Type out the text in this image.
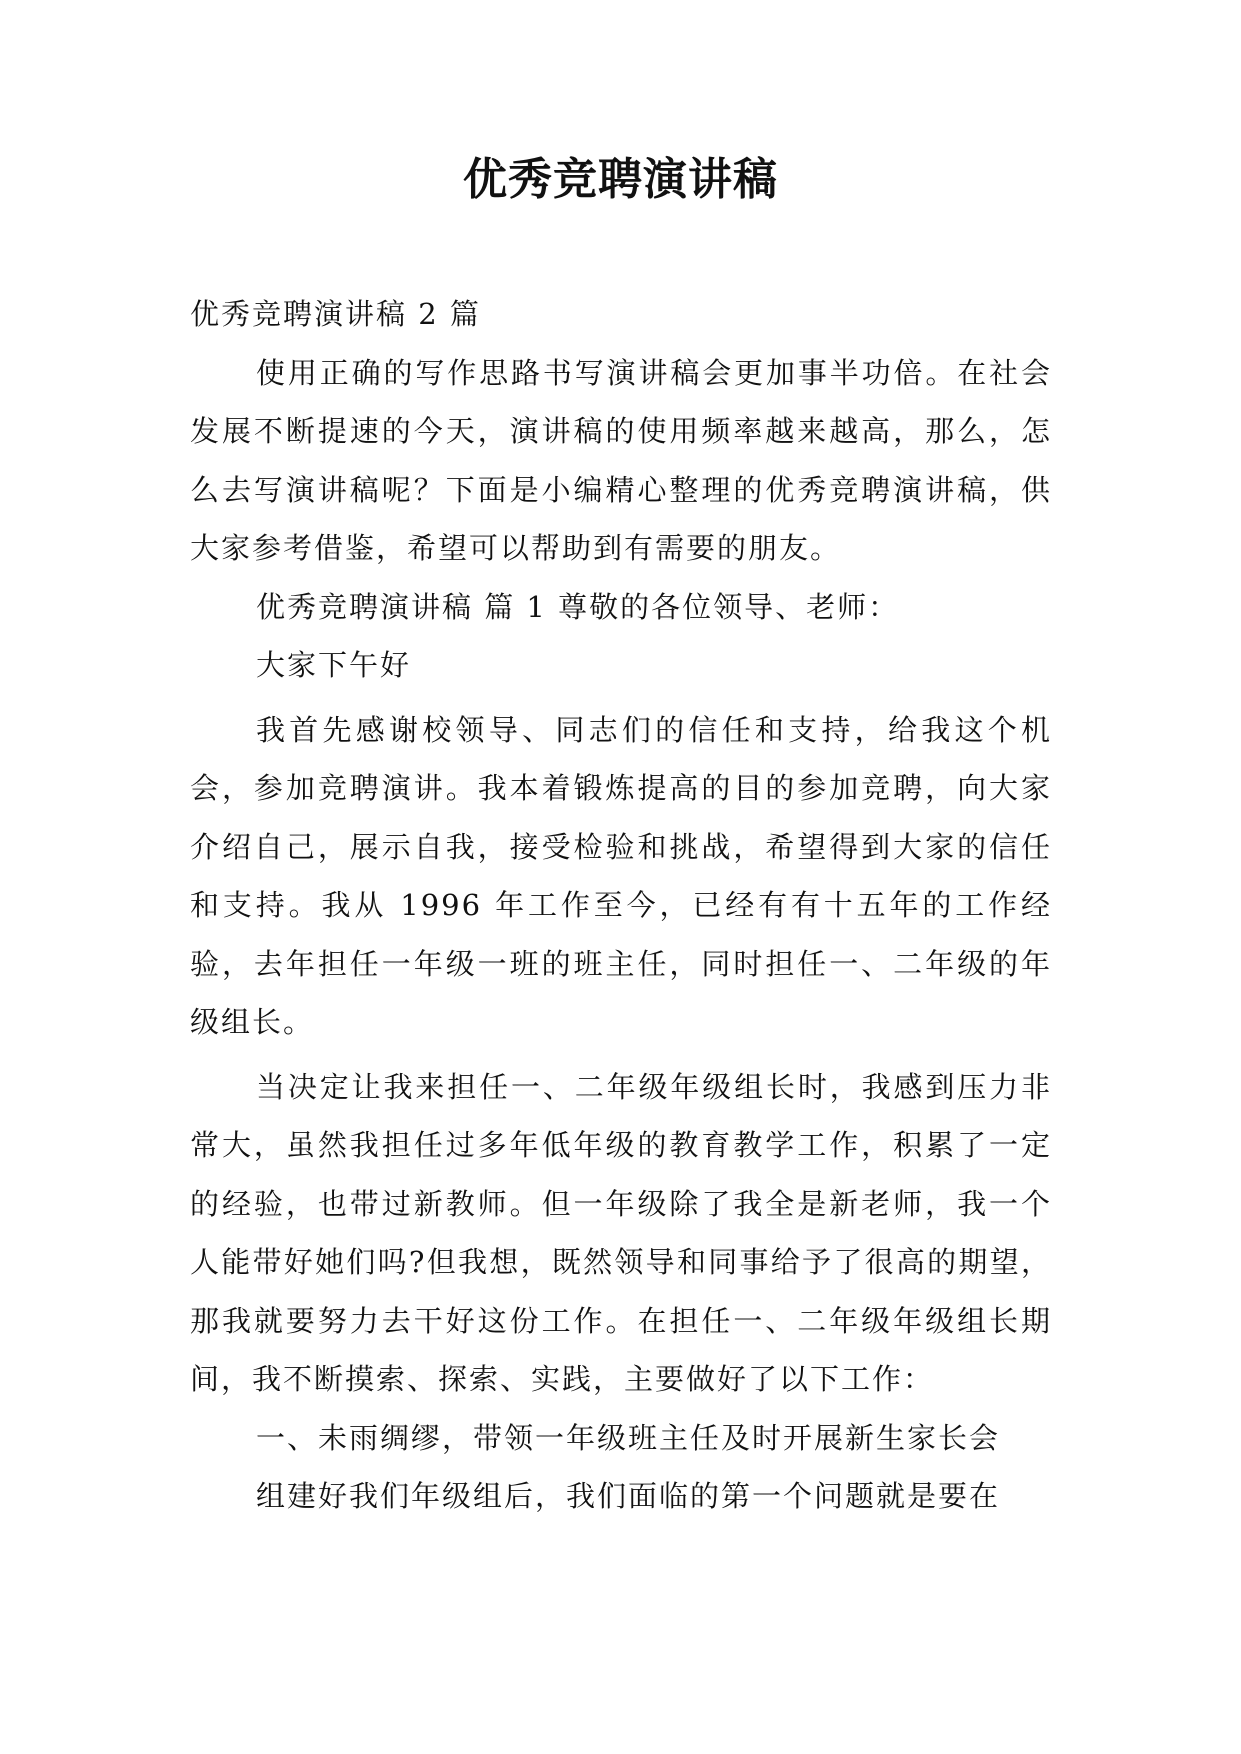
优秀竞聘演讲稿

优秀竞聘演讲稿 2 篇

使用正确的写作思路书写演讲稿会更加事半功倍。在社会发展不断提速的今天，演讲稿的使用频率越来越高，那么，怎么去写演讲稿呢？下面是小编精心整理的优秀竞聘演讲稿，供大家参考借鉴，希望可以帮助到有需要的朋友。

优秀竞聘演讲稿 篇 1 尊敬的各位领导、老师：

大家下午好

我首先感谢校领导、同志们的信任和支持，给我这个机会，参加竞聘演讲。我本着锻炼提高的目的参加竞聘，向大家介绍自己，展示自我，接受检验和挑战，希望得到大家的信任和支持。我从 1996 年工作至今，已经有有十五年的工作经验，去年担任一年级一班的班主任，同时担任一、二年级的年级组长。

当决定让我来担任一、二年级年级组长时，我感到压力非常大，虽然我担任过多年低年级的教育教学工作，积累了一定的经验，也带过新教师。但一年级除了我全是新老师，我一个人能带好她们吗?但我想，既然领导和同事给予了很高的期望，那我就要努力去干好这份工作。在担任一、二年级年级组长期间，我不断摸索、探索、实践，主要做好了以下工作：

一、未雨绸缪，带领一年级班主任及时开展新生家长会

组建好我们年级组后，我们面临的第一个问题就是要在
